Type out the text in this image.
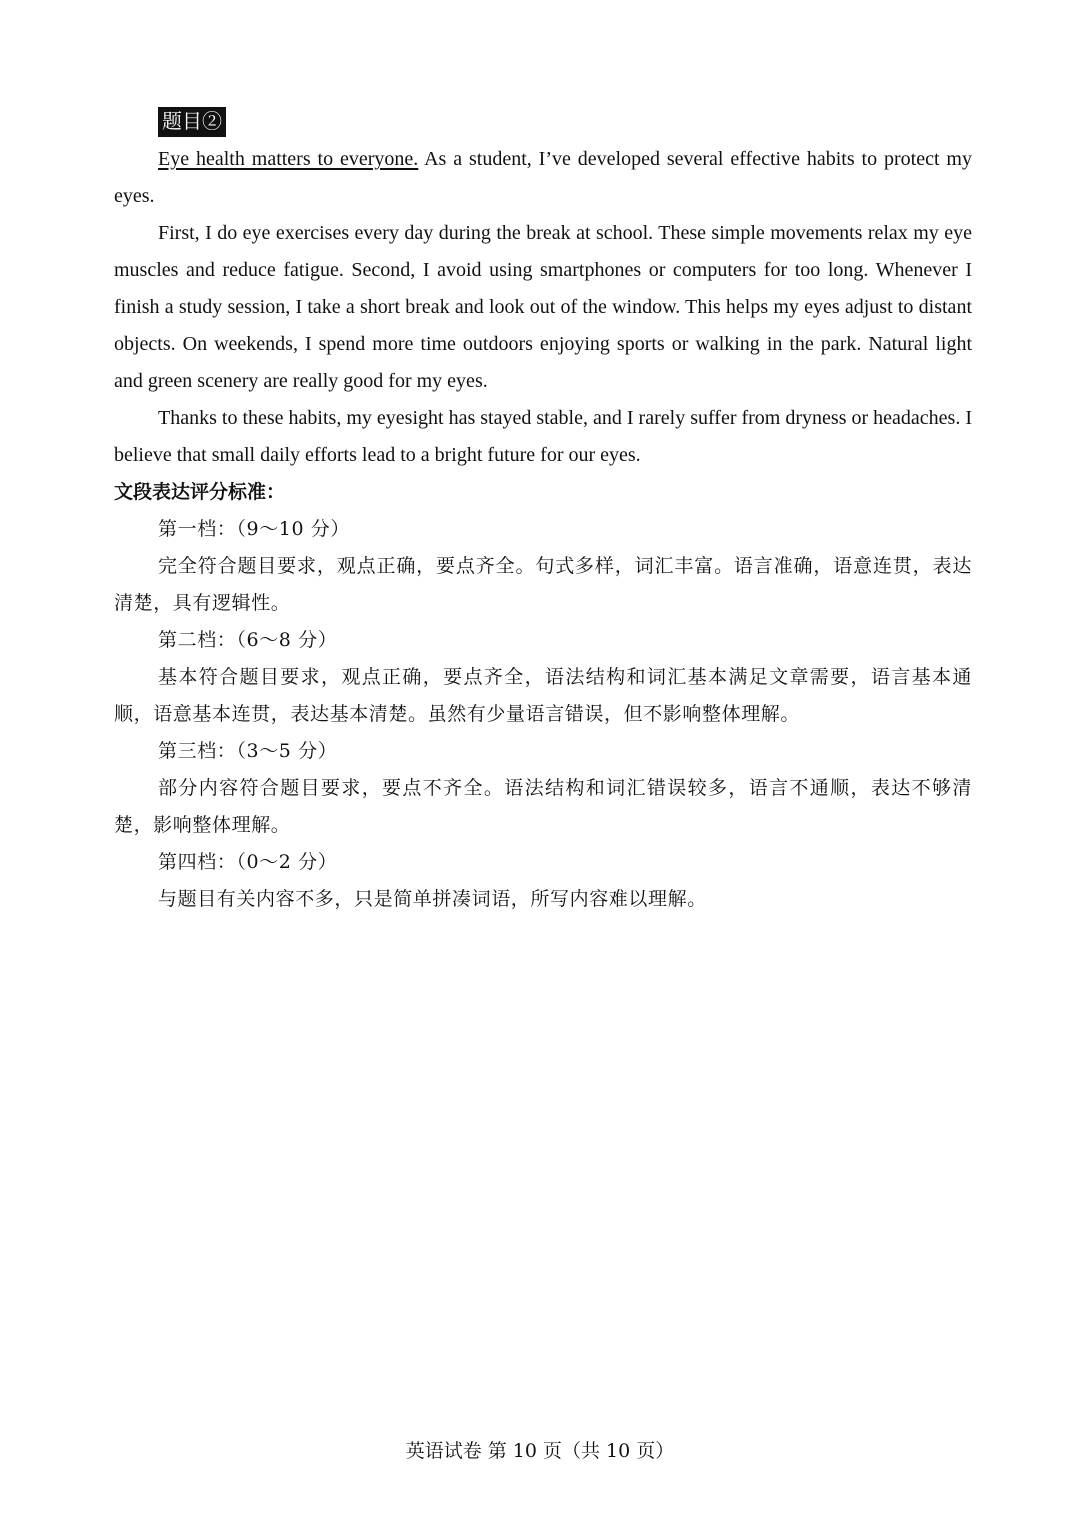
题目②

Eye health matters to everyone. As a student, I’ve developed several effective habits to protect my eyes.

First, I do eye exercises every day during the break at school. These simple movements relax my eye muscles and reduce fatigue. Second, I avoid using smartphones or computers for too long. Whenever I finish a study session, I take a short break and look out of the window. This helps my eyes adjust to distant objects. On weekends, I spend more time outdoors enjoying sports or walking in the park. Natural light and green scenery are really good for my eyes.

Thanks to these habits, my eyesight has stayed stable, and I rarely suffer from dryness or headaches. I believe that small daily efforts lead to a bright future for our eyes.

文段表达评分标准：

第一档：（9～10 分）

完全符合题目要求，观点正确，要点齐全。句式多样，词汇丰富。语言准确，语意连贯，表达清楚，具有逻辑性。

第二档：（6～8 分）

基本符合题目要求，观点正确，要点齐全，语法结构和词汇基本满足文章需要，语言基本通顺，语意基本连贯，表达基本清楚。虽然有少量语言错误，但不影响整体理解。

第三档：（3～5 分）

部分内容符合题目要求，要点不齐全。语法结构和词汇错误较多，语言不通顺，表达不够清楚，影响整体理解。

第四档：（0～2 分）

与题目有关内容不多，只是简单拼凑词语，所写内容难以理解。

英语试卷 第 10 页（共 10 页）
